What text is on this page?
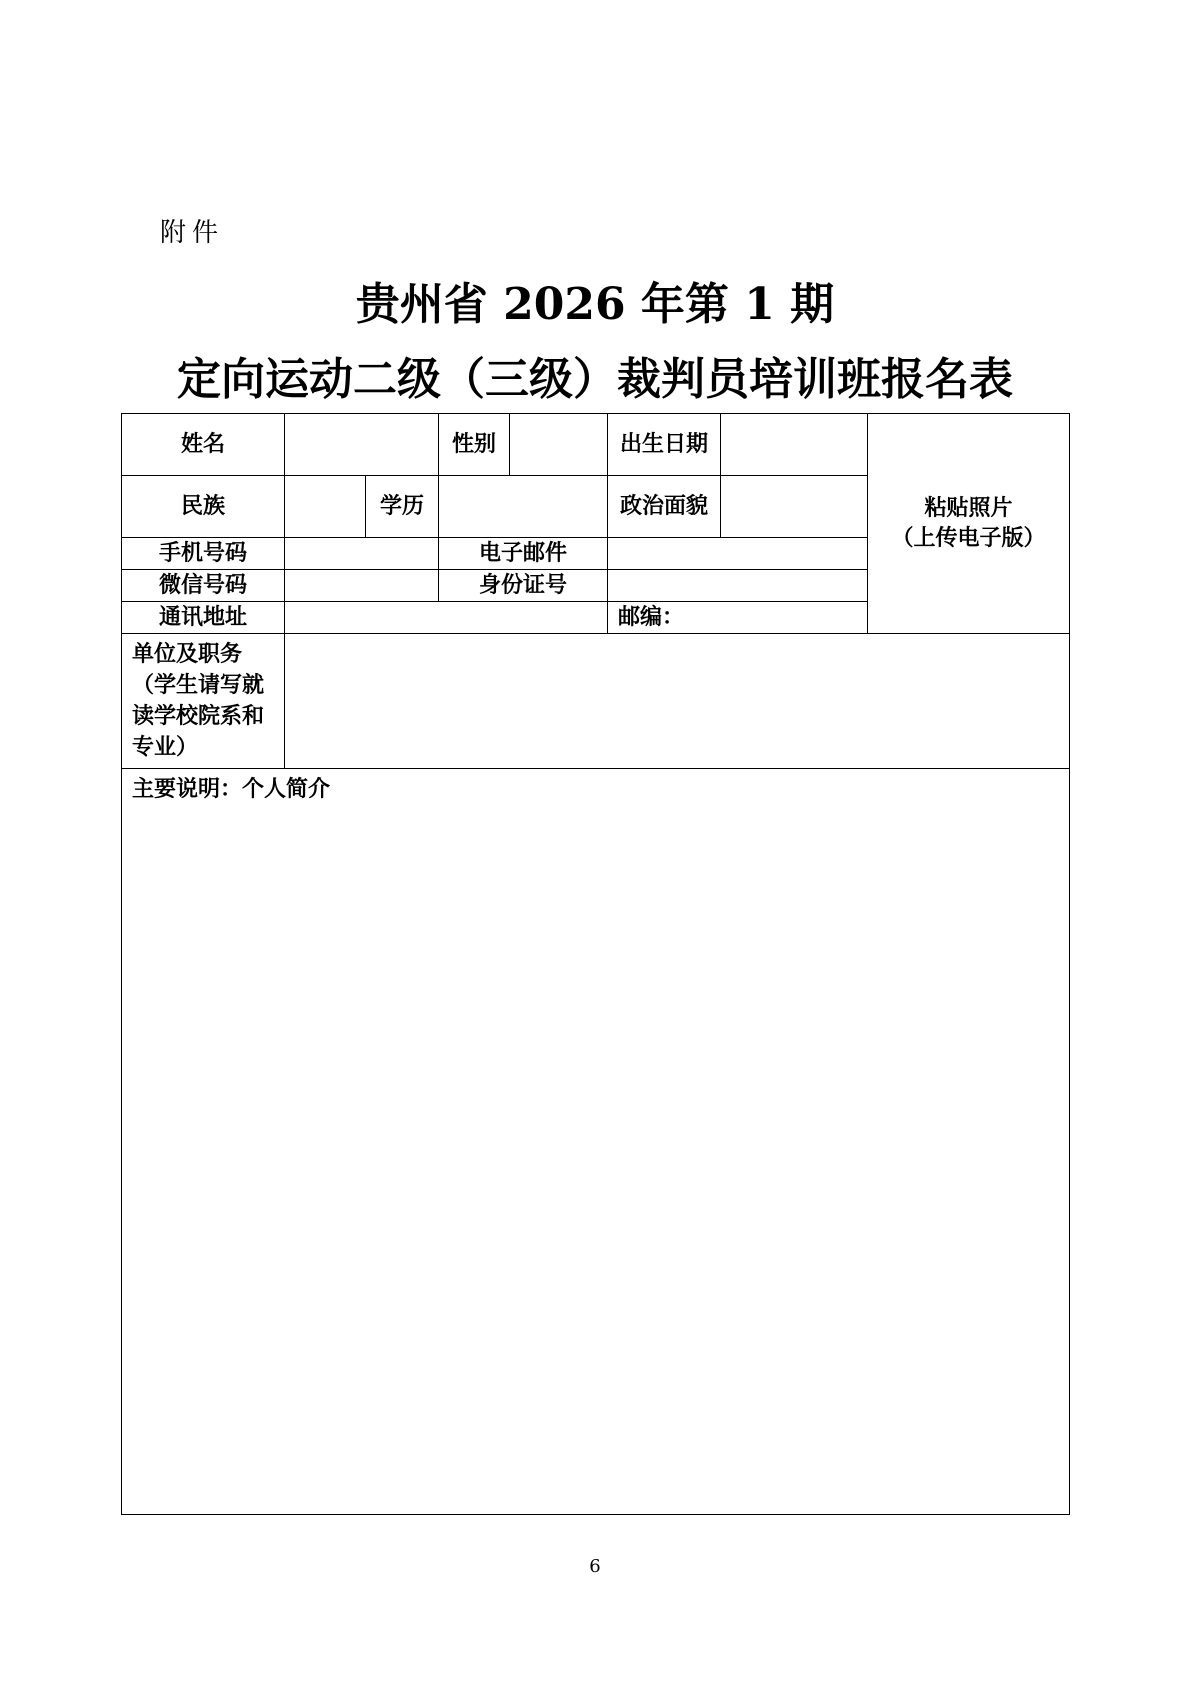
附件
贵州省 2026 年第 1 期
定向运动二级（三级）裁判员培训班报名表
姓名			性别		出生日期		粘贴照片
（上传电子版）

民族		学历			政治面貌		
手机号码			电子邮件				
微信号码			身份证号				
通讯地址					邮编：		
单位及职务（学生请写就读学校院系和专业）							
主要说明：个人简介							
6
